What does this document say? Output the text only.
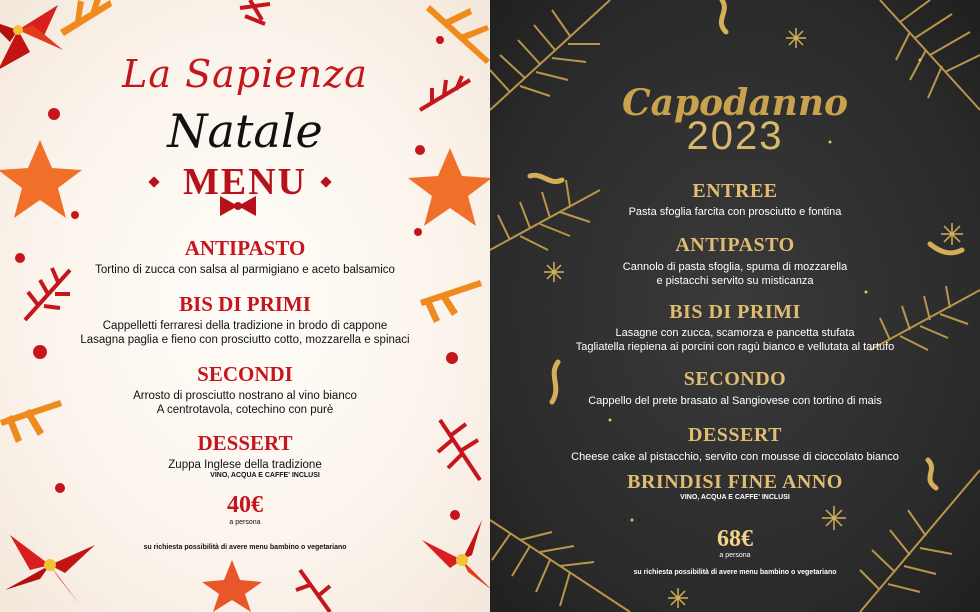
La Sapienza
Natale
MENU
ANTIPASTO
Tortino di zucca con salsa al parmigiano e aceto balsamico
BIS DI PRIMI
Cappelletti ferraresi della tradizione in brodo di cappone
Lasagna paglia e fieno con prosciutto cotto, mozzarella e spinaci
SECONDI
Arrosto di prosciutto nostrano al vino bianco
A centrotavola, cotechino con purè
DESSERT
Zuppa Inglese della tradizione
VINO, ACQUA E CAFFE' INCLUSI
40€
a persona
su richiesta possibilità di avere menu bambino o vegetariano
Capodanno
2023
ENTREE
Pasta sfoglia farcita con prosciutto e fontina
ANTIPASTO
Cannolo di pasta sfoglia, spuma di mozzarella
e pistacchi servito su misticanza
BIS DI PRIMI
Lasagne con zucca, scamorza e pancetta stufata
Tagliatella riepiena ai porcini con ragù bianco e vellutata al tartufo
SECONDO
Cappello del prete brasato al Sangiovese con tortino di mais
DESSERT
Cheese cake al pistacchio, servito con mousse di cioccolato bianco
BRINDISI FINE ANNO
VINO, ACQUA E CAFFE' INCLUSI
68€
a persona
su richiesta possibilità di avere menu bambino o vegetariano
